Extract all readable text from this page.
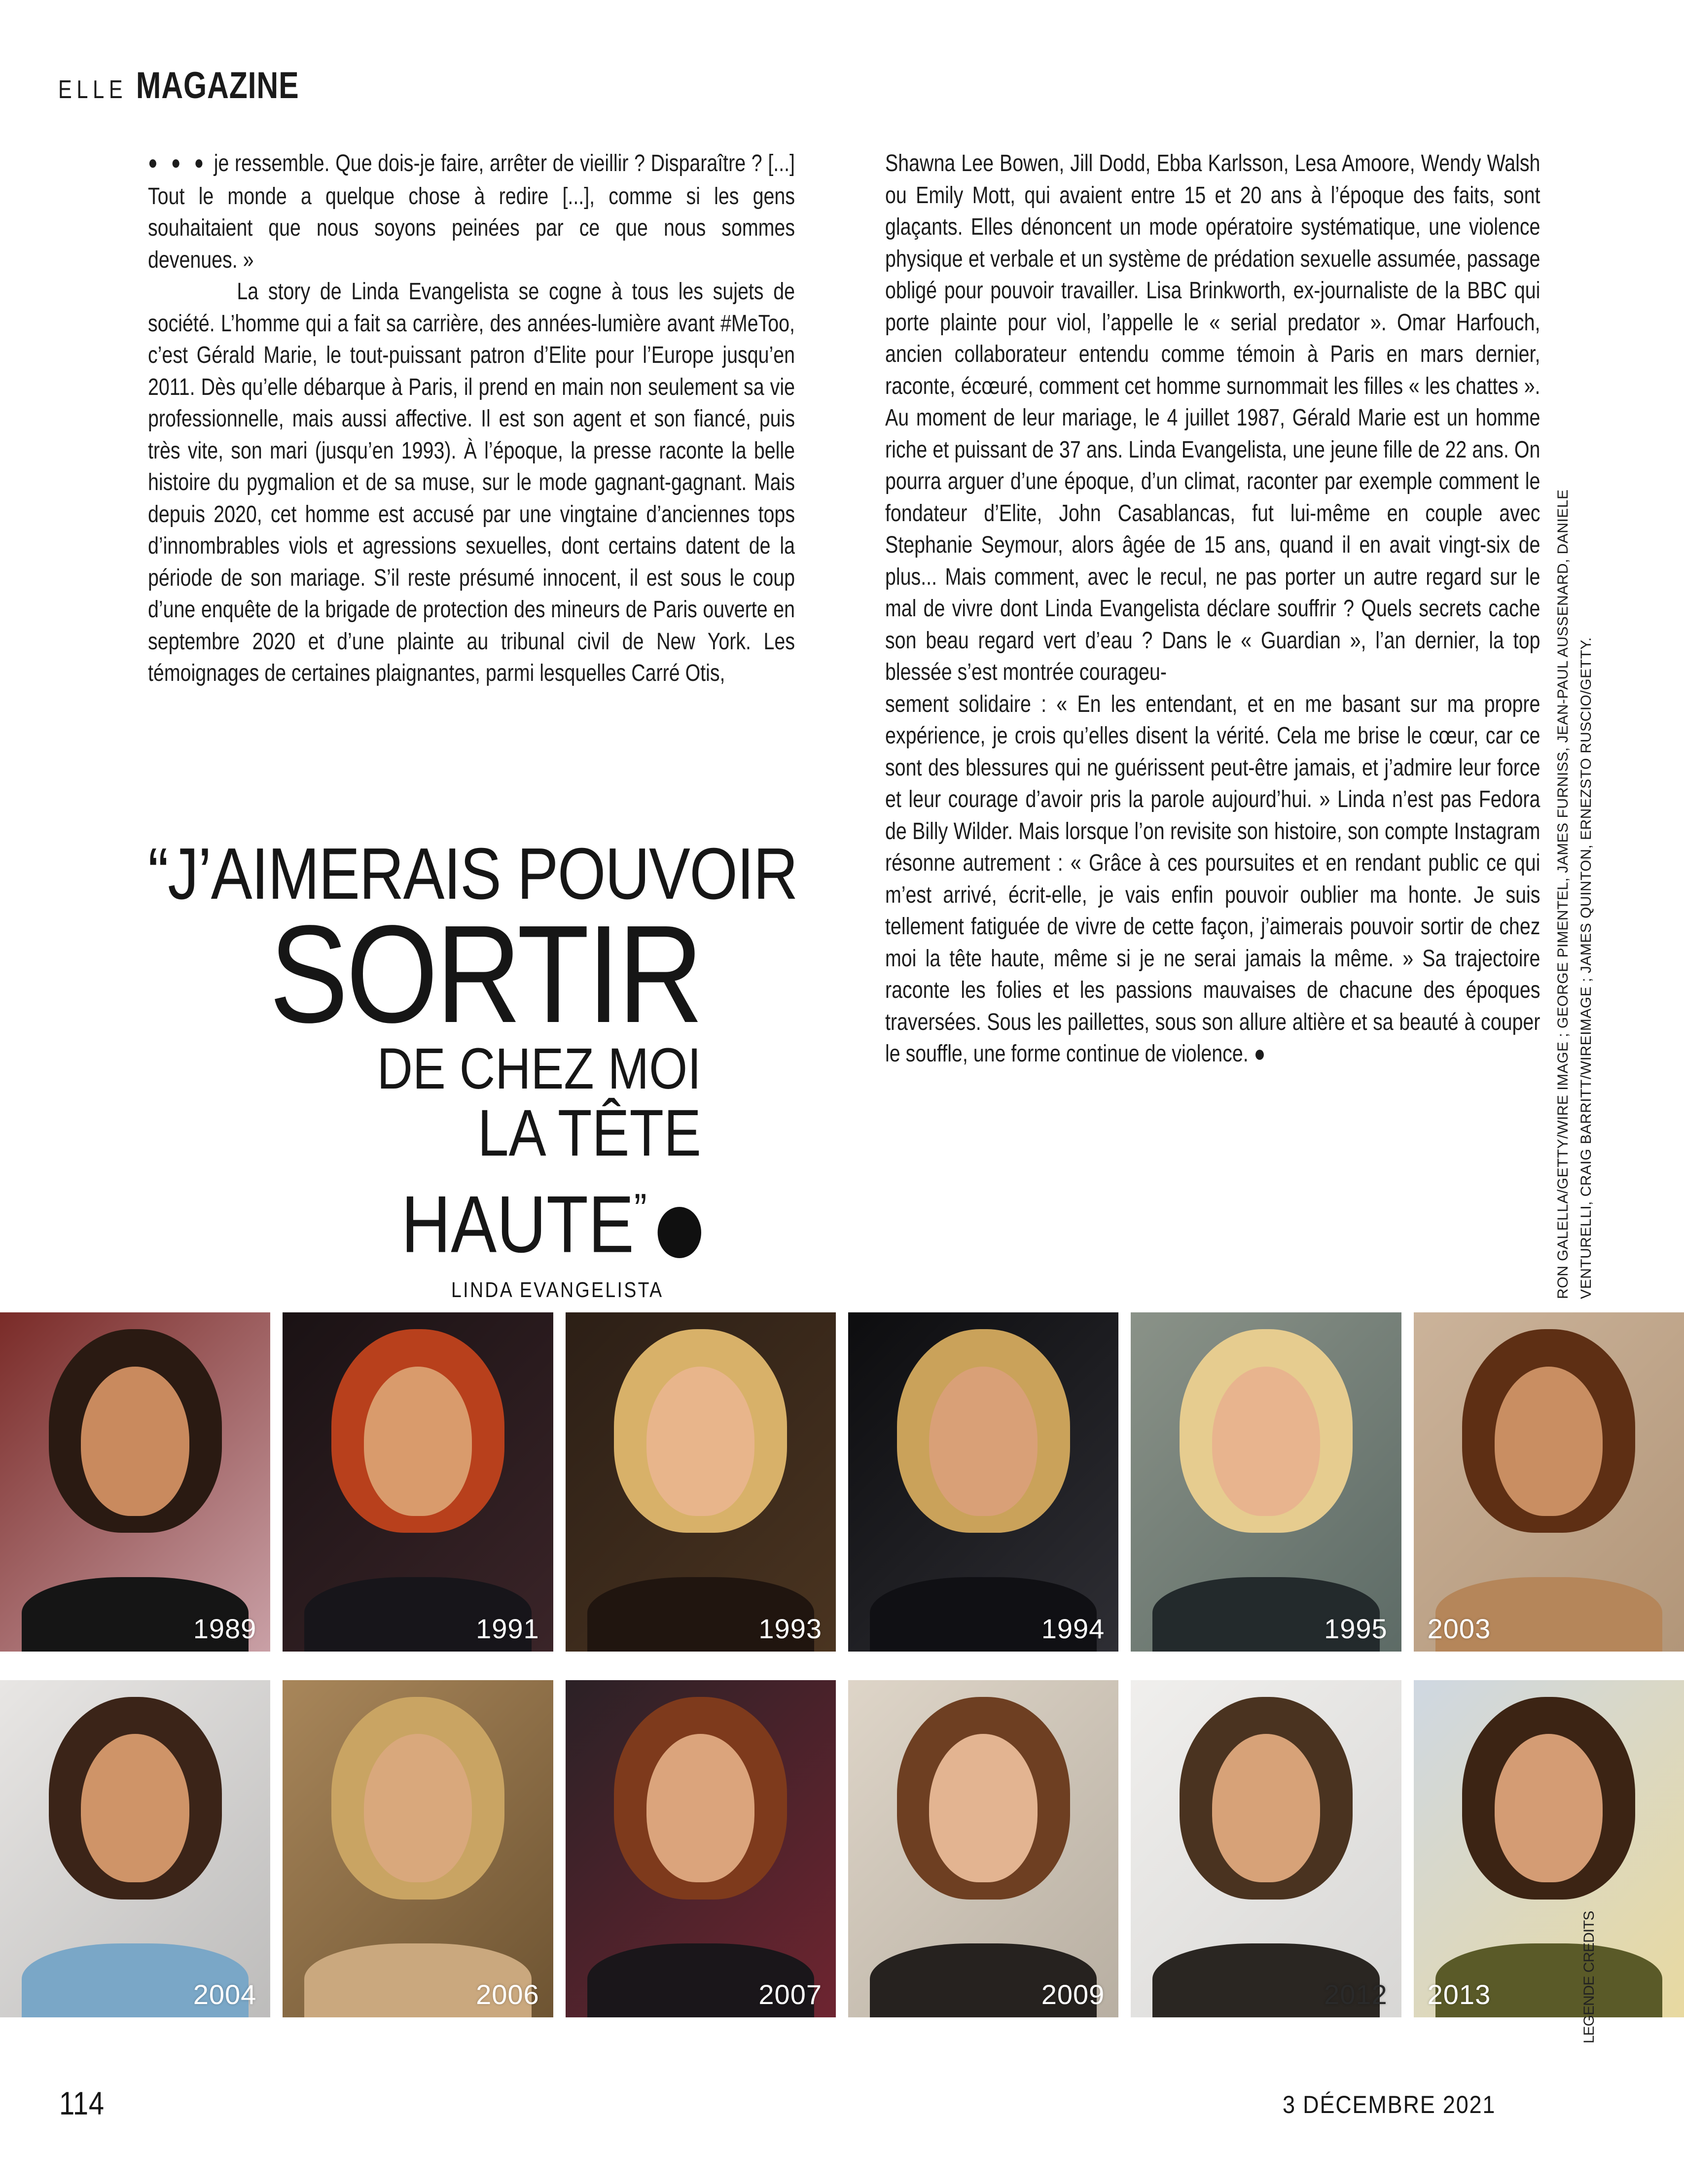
ELLE MAGAZINE

● ● ● je ressemble. Que dois-je faire, arrêter de vieillir ? Disparaître ? [...] Tout le monde a quelque chose à redire [...], comme si les gens souhaitaient que nous soyons peinées par ce que nous sommes devenues. »

La story de Linda Evangelista se cogne à tous les sujets de société. L’homme qui a fait sa carrière, des années-lumière avant #MeToo, c’est Gérald Marie, le tout-puissant patron d’Elite pour l’Europe jusqu’en 2011. Dès qu’elle débarque à Paris, il prend en main non seulement sa vie professionnelle, mais aussi affective. Il est son agent et son fiancé, puis très vite, son mari (jusqu’en 1993). À l’époque, la presse raconte la belle histoire du pygmalion et de sa muse, sur le mode gagnant-gagnant. Mais depuis 2020, cet homme est accusé par une vingtaine d’anciennes tops d’innombrables viols et agressions sexuelles, dont certains datent de la période de son mariage. S’il reste présumé innocent, il est sous le coup d’une enquête de la brigade de protection des mineurs de Paris ouverte en septembre 2020 et d’une plainte au tribunal civil de New York. Les témoignages de certaines plaignantes, parmi lesquelles Carré Otis,

Shawna Lee Bowen, Jill Dodd, Ebba Karlsson, Lesa Amoore, Wendy Walsh ou Emily Mott, qui avaient entre 15 et 20 ans à l’époque des faits, sont glaçants. Elles dénoncent un mode opératoire systématique, une violence physique et verbale et un système de prédation sexuelle assumée, passage obligé pour pouvoir travailler. Lisa Brinkworth, ex-journaliste de la BBC qui porte plainte pour viol, l’appelle le « serial predator ». Omar Harfouch, ancien collaborateur entendu comme témoin à Paris en mars dernier, raconte, écœuré, comment cet homme surnommait les filles « les chattes ». Au moment de leur mariage, le 4 juillet 1987, Gérald Marie est un homme riche et puissant de 37 ans. Linda Evangelista, une jeune fille de 22 ans. On pourra arguer d’une époque, d’un climat, raconter par exemple comment le fondateur d’Elite, John Casablancas, fut lui-même en couple avec Stephanie Seymour, alors âgée de 15 ans, quand il en avait vingt-six de plus... Mais comment, avec le recul, ne pas porter un autre regard sur le mal de vivre dont Linda Evangelista déclare souffrir ? Quels secrets cache son beau regard vert d’eau ? Dans le « Guardian », l’an dernier, la top blessée s’est montrée courageu-

sement solidaire : « En les entendant, et en me basant sur ma propre expérience, je crois qu’elles disent la vérité. Cela me brise le cœur, car ce sont des blessures qui ne guérissent peut-être jamais, et j’admire leur force et leur courage d’avoir pris la parole aujourd’hui. » Linda n’est pas Fedora de Billy Wilder. Mais lorsque l’on revisite son histoire, son compte Instagram résonne autrement : « Grâce à ces poursuites et en rendant public ce qui m’est arrivé, écrit-elle, je vais enfin pouvoir oublier ma honte. Je suis tellement fatiguée de vivre de cette façon, j’aimerais pouvoir sortir de chez moi la tête haute, même si je ne serai jamais la même. » Sa trajectoire raconte les folies et les passions mauvaises de chacune des époques traversées. Sous les paillettes, sous son allure altière et sa beauté à couper le souffle, une forme continue de violence. ●

“J’AIMERAIS POUVOIR
SORTIR
DE CHEZ MOI
LA TÊTE
HAUTE”
LINDA EVANGELISTA	RON GALELLA/GETTY/WIRE IMAGE ; GEORGE PIMENTEL, JAMES FURNISS, JEAN-PAUL AUSSENARD, DANIELE VENTURELLI, CRAIG BARRITT/WIREIMAGE ; JAMES QUINTON, ERNEZSTO RUSCIO/GETTY.
1989	1991	1993	1994	1995 2003
2004	2006	2007	2009	2012 2013	LEGENDE CREDITS
114	3 DÉCEMBRE 2021
